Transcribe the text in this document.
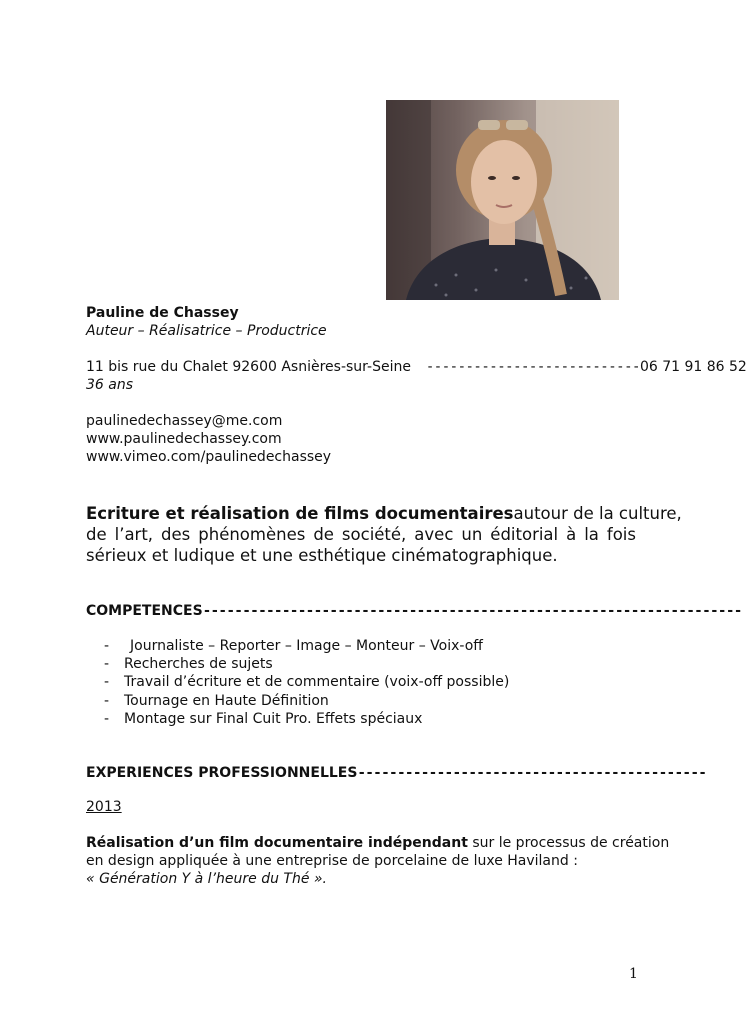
Pauline de Chassey
Auteur – Réalisatrice – Productrice
11 bis rue du Chalet 92600 Asnières-sur-Seine ---------------------------06 71 91 86 52
36 ans
paulinedechassey@me.com
www.paulinedechassey.com
www.vimeo.com/paulinedechassey
Ecriture et réalisation de films documentaires autour de la culture,
de l’art, des phénomènes de société, avec un éditorial à la fois
sérieux et ludique et une esthétique cinématographique.
COMPETENCES--------------------------------------------------------------------
-	Journaliste – Reporter – Image – Monteur – Voix-off
-	Recherches de sujets
-	Travail d’écriture et de commentaire (voix-off possible)
-	Tournage en Haute Définition
-	Montage sur Final Cuit Pro. Effets spéciaux
EXPERIENCES PROFESSIONNELLES--------------------------------------------
2013
Réalisation d’un film documentaire indépendant sur le processus de création
en design appliquée à une entreprise de porcelaine de luxe Haviland :
« Génération Y à l’heure du Thé ».
1
